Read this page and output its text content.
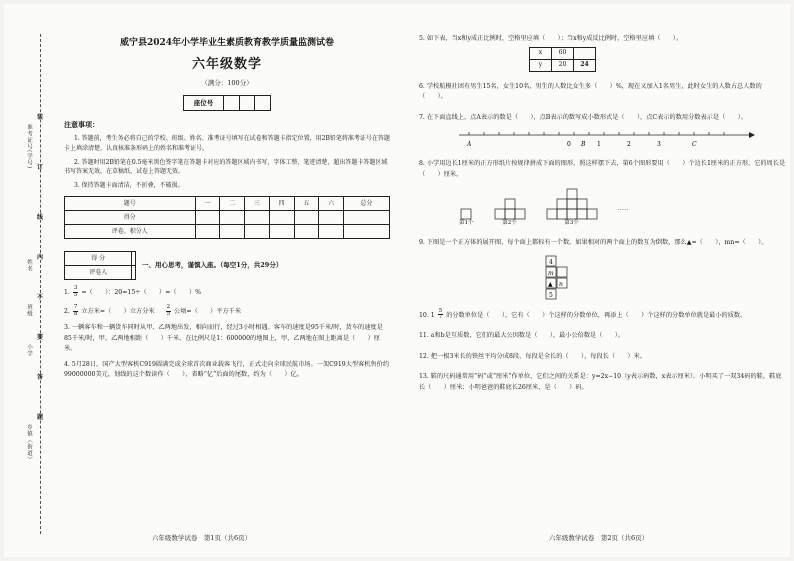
准考证号(学号)
姓名
班级
小学
乡镇（街道）
装
订
线
内
不
要
答
题
威宁县2024年小学毕业生素质教育教学质量监测试卷
六年级数学
（满分：100分）
座位号
注意事项：
1. 答题前，考生务必将自己的学校、班级、姓名、准考证号填写在试卷和答题卡指定位置，用2B铅笔将准考证号在答题卡上填涂清楚，认真核准条形码上的姓名和准考证号。
2. 答题时用2B铅笔在0.5毫米黑色签字笔在答题卡对应的答题区域内书写，字体工整、笔迹清楚，超出答题卡答题区域书写答案无效，在草稿纸、试卷上答题无效。
3. 保持答题卡面清洁，不折叠，不破损。
题号	一	二	三	四	五	六	总分
得分							
评卷、积分人							
得 分	
评卷人	
一、用心思考，谨慎入座。（每空1分，共29分）
1. $\frac{3}{5}$ =（　　）：20=15÷（　　）=（　　）%
2. $\frac{7}{8}$ 立方米=（　　）立方分米 $\frac{2}{5}$ 公顷=（　　）平方千米
3. 一辆客车和一辆货车同时从甲、乙两地出发，相向而行，经过3小时相遇。客车的速度是95千米/时，货车的速度是85千米/时，甲、乙两地相距（　　）千米。在比例尺是1：600000的地图上，甲、乙两地在图上距离是（　　）厘米。
4. 5月28日，国产大型客机C919圆满完成全球首次商业载客飞行，正式走向全球民航市场。一架C919大型客机售价约99000000美元，划线的这个数读作（　　），省略“亿”后面的尾数，约为（　　）亿。
六年级数学试卷　第1页（共6页）
5. 如下表，当x和y成正比例时，空格里应填（　　）；当x和y成反比例时，空格里应填（　　）。
x	60	
y	20	24
6. 学校航模社团有男生15名，女生10名，男生的人数比女生多（　　）%，现在又加入1名男生，此时女生的人数占总人数的（　　）。
7. 在下面直线上，点A表示的数是（　　），点B表示的数写成小数形式是（　　），点C表示的数用分数表示是（　　）。
A	0 B 1	2	3	C
8. 小学用边长1厘米的正方形纸片按规律拼成下面的图形，照这样摆下去，第6个图形要用（　　）个边长1厘米的正方形，它的周长是（　　）厘米。
第1个	第2个	第3个
……
9. 下图是一个正方体的展开图，每个面上都标有一个数。如果相对的两个面上的数互为倒数，那么▲=（　　），mn=（　　）。
4
m
▲ n
5
10. $1 \frac{5}{7}$ 的分数单位是（　　），它有（　　）个这样的分数单位，再添上（　　）个这样的分数单位就是最小的质数。
11. a和b是互质数，它们的最大公因数是（　　），最小公倍数是（　　）。
12. 把一根3米长的铁丝平均分成8段，每段是全长的（　　），每段长（　　）米。
13. 鞋的尺码通常用“码”或“厘米”作单位，它们之间的关系是：y=2x−10（y表示码数，x表示厘米）。小明买了一双34码的鞋，鞋底长（　　）厘米；小明爸爸的鞋底长26厘米，是（　　）码。
六年级数学试卷　第2页（共6页）
